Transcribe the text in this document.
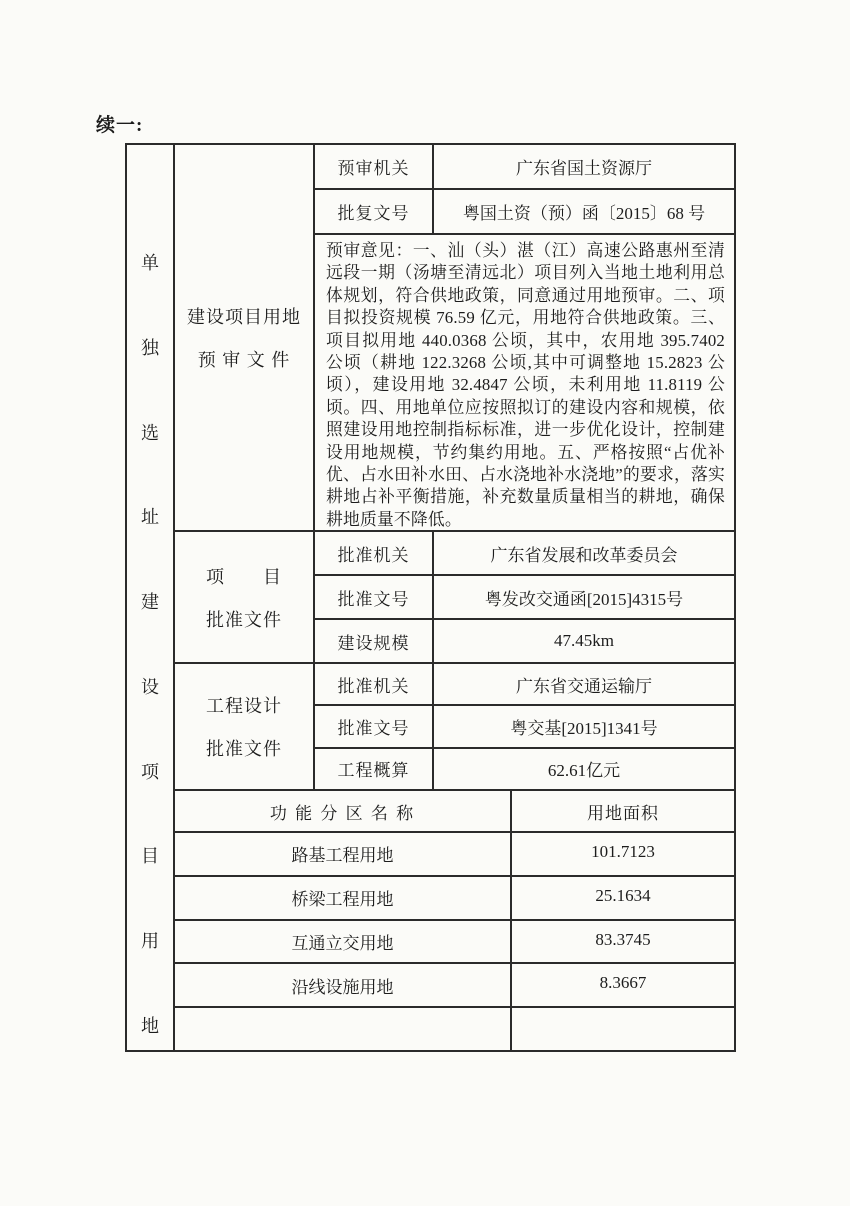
续一:
单
独
选
址
建
设
项
目
用
地
建设项目用地
预 审 文 件
预审机关	广东省国土资源厅
批复文号	粤国土资（预）函〔2015〕68 号
预审意见：一、汕（头）湛（江）高速公路惠州至清远段一期（汤塘至清远北）项目列入当地土地利用总体规划，符合供地政策，同意通过用地预审。二、项目拟投资规模 76.59 亿元，用地符合供地政策。三、项目拟用地 440.0368 公顷，其中，农用地 395.7402 公顷（耕地 122.3268 公顷,其中可调整地 15.2823 公顷），建设用地 32.4847 公顷，未利用地 11.8119 公顷。四、用地单位应按照拟订的建设内容和规模，依照建设用地控制指标标准，进一步优化设计，控制建设用地规模，节约集约用地。五、严格按照“占优补优、占水田补水田、占水浇地补水浇地”的要求，落实耕地占补平衡措施，补充数量质量相当的耕地，确保耕地质量不降低。
项　　目
批准文件
批准机关	广东省发展和改革委员会
批准文号	粤发改交通函[2015]4315号
建设规模	47.45km
工程设计
批准文件
批准机关	广东省交通运输厅
批准文号	粤交基[2015]1341号
工程概算	62.61亿元
功 能 分 区 名 称	用地面积
路基工程用地	101.7123
桥梁工程用地	25.1634
互通立交用地	83.3745
沿线设施用地	8.3667
